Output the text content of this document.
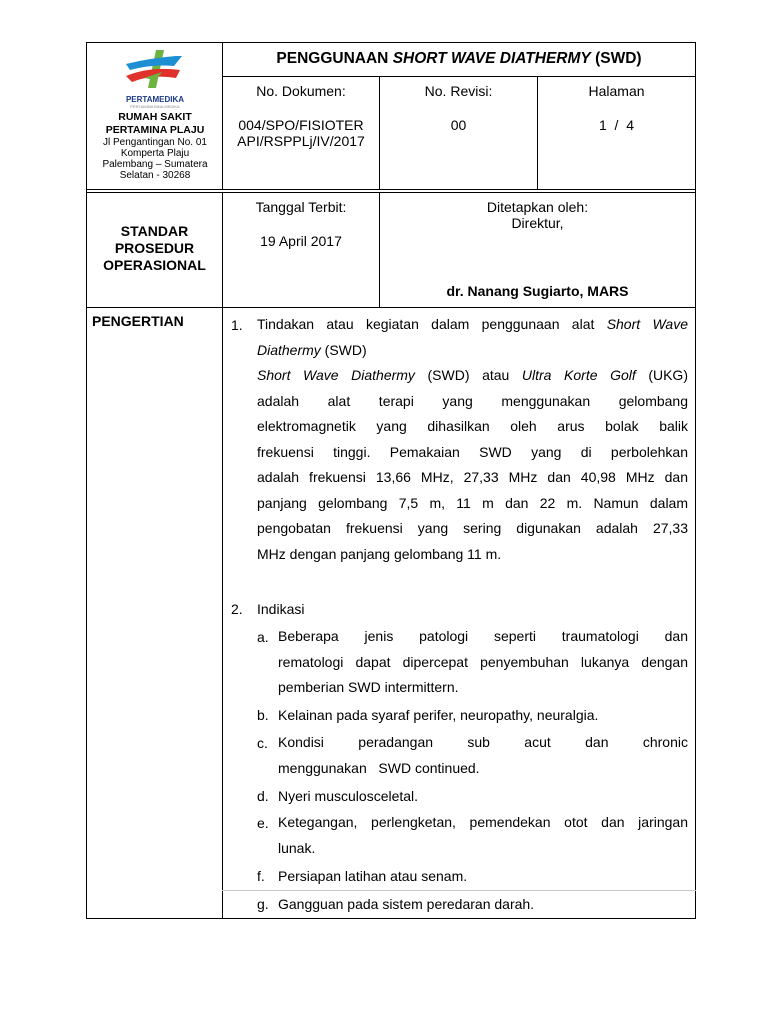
PERTAMEDIKA
PERTAMINA BINA MEDIKA
RUMAH SAKIT
PERTAMINA PLAJU
Jl Pengantingan No. 01
Komperta Plaju
Palembang – Sumatera
Selatan - 30268
PENGGUNAAN SHORT WAVE DIATHERMY (SWD)
No. Dokumen:
004/SPO/FISIOTER
API/RSPPLj/IV/2017
No. Revisi:
00
Halaman
1  /  4
STANDAR
PROSEDUR
OPERASIONAL
Tanggal Terbit:
19 April 2017
Ditetapkan oleh:
Direktur,
dr. Nanang Sugiarto, MARS
PENGERTIAN	1. Tindakan atau kegiatan dalam penggunaan alat Short Wave
Diathermy (SWD)
Short Wave Diathermy (SWD) atau Ultra Korte Golf (UKG)
adalah alat terapi yang menggunakan gelombang
elektromagnetik yang dihasilkan oleh arus bolak balik
frekuensi tinggi. Pemakaian SWD yang di perbolehkan
adalah frekuensi 13,66 MHz, 27,33 MHz dan 40,98 MHz dan
panjang gelombang 7,5 m, 11 m dan 22 m. Namun dalam
pengobatan frekuensi yang sering digunakan adalah 27,33
MHz dengan panjang gelombang 11 m.
2. Indikasi
a. Beberapa jenis patologi seperti traumatologi dan
rematologi dapat dipercepat penyembuhan lukanya dengan
pemberian SWD intermittern.
b. Kelainan pada syaraf perifer, neuropathy, neuralgia.
c. Kondisi peradangan sub acut dan chronic
menggunakan   SWD continued.
d. Nyeri musculosceletal.
e. Ketegangan, perlengketan, pemendekan otot dan jaringan
lunak.
f. Persiapan latihan atau senam.
g. Gangguan pada sistem peredaran darah.
